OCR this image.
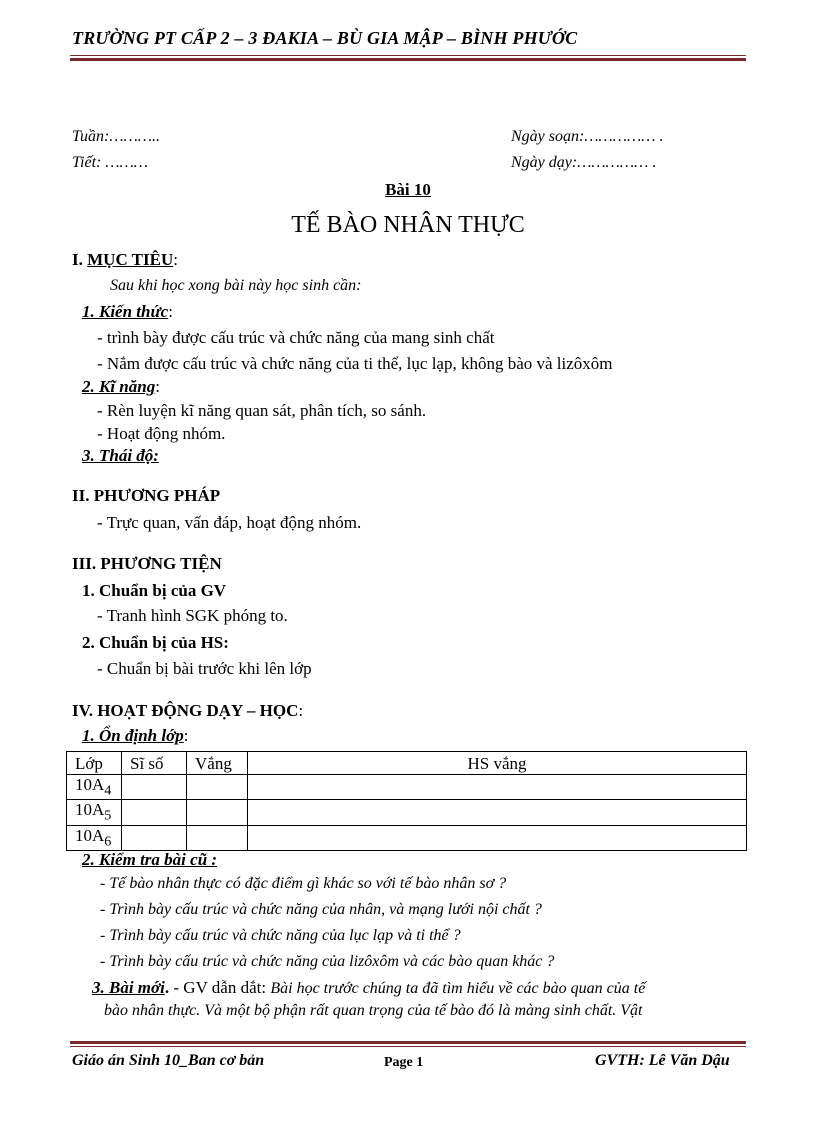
TRƯỜNG PT CẤP 2 – 3 ĐAKIA – BÙ GIA MẬP – BÌNH PHƯỚC
Tuần:………..
Tiết: ………
Ngày soạn:…………… .
Ngày dạy:…………… .
Bài 10
TẾ BÀO NHÂN THỰC
I. MỤC TIÊU:
Sau khi học xong bài này học sinh cần:
1. Kiến thức:
- trình bày được cấu trúc và chức năng của mang sinh chất
- Nắm được cấu trúc và chức năng của ti thể, lục lạp, không bào và lizôxôm
2. Kĩ năng:
- Rèn luyện kĩ năng quan sát, phân tích, so sánh.
- Hoạt động nhóm.
3. Thái độ:
II. PHƯƠNG PHÁP
- Trực quan, vấn đáp, hoạt động nhóm.
III. PHƯƠNG TIỆN
1. Chuẩn bị của GV
- Tranh hình SGK phóng to.
2. Chuẩn bị của HS:
- Chuẩn bị bài trước khi lên lớp
IV. HOẠT ĐỘNG DẠY – HỌC:
1. Ổn định lớp:
Lớp	Sĩ số	Vắng	HS vắng
$10A_4$			
$10A_5$			
$10A_6$			
2. Kiểm tra bài cũ :
- Tế bào nhân thực có đặc điểm gì khác so với tế bào nhân sơ ?
- Trình bày cấu trúc và chức năng của nhân, và mạng lưới nội chất ?
- Trình bày cấu trúc và chức năng của lục lạp và ti thể ?
- Trình bày cấu trúc và chức năng của lizôxôm và các bào quan khác ?
3. Bài mới. - GV dẫn dắt: Bài học trước chúng ta đã tìm hiểu về các bào quan của tế
bào nhân thực. Và một bộ phận rất quan trọng của tế bào đó là màng sinh chất. Vật
Giáo án Sinh 10_Ban cơ bản	Page 1	GVTH: Lê Văn Dậu
